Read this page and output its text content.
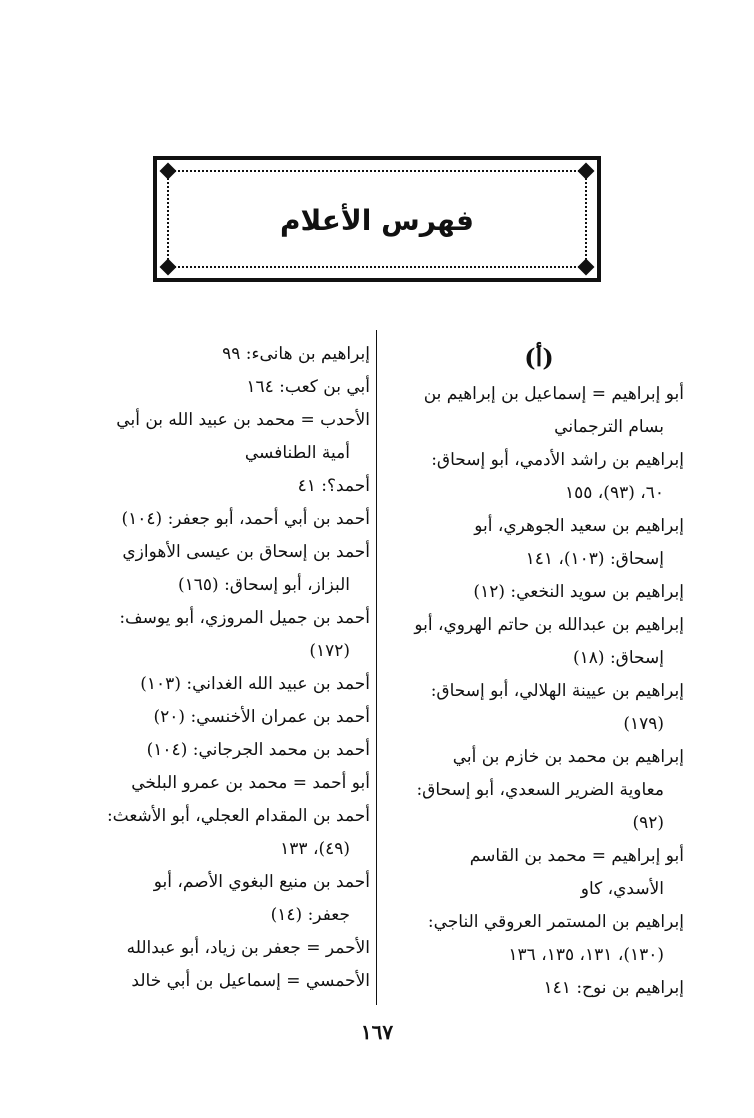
فهرس الأعلام
(أ)
أبو إبراهيم = إسماعيل بن إبراهيم بن
بسام الترجماني
إبراهيم بن راشد الأدمي، أبو إسحاق:
٦٠، (٩٣)، ١٥٥
إبراهيم بن سعيد الجوهري، أبو
إسحاق: (١٠٣)، ١٤١
إبراهيم بن سويد النخعي: (١٢)
إبراهيم بن عبدالله بن حاتم الهروي، أبو
إسحاق: (١٨)
إبراهيم بن عيينة الهلالي، أبو إسحاق:
(١٧٩)
إبراهيم بن محمد بن خازم بن أبي
معاوية الضرير السعدي، أبو إسحاق:
(٩٢)
أبو إبراهيم = محمد بن القاسم
الأسدي، كاو
إبراهيم بن المستمر العروقي الناجي:
(١٣٠)، ١٣١، ١٣٥، ١٣٦
إبراهيم بن نوح: ١٤١
إبراهيم بن هانىء: ٩٩
أبي بن كعب: ١٦٤
الأحدب = محمد بن عبيد الله بن أبي
أمية الطنافسي
أحمد؟: ٤١
أحمد بن أبي أحمد، أبو جعفر: (١٠٤)
أحمد بن إسحاق بن عيسى الأهوازي
البزاز، أبو إسحاق: (١٦٥)
أحمد بن جميل المروزي، أبو يوسف:
(١٧٢)
أحمد بن عبيد الله الغداني: (١٠٣)
أحمد بن عمران الأخنسي: (٢٠)
أحمد بن محمد الجرجاني: (١٠٤)
أبو أحمد = محمد بن عمرو البلخي
أحمد بن المقدام العجلي، أبو الأشعث:
(٤٩)، ١٣٣
أحمد بن منيع البغوي الأصم، أبو
جعفر: (١٤)
الأحمر = جعفر بن زياد، أبو عبدالله
الأحمسي = إسماعيل بن أبي خالد
١٦٧
